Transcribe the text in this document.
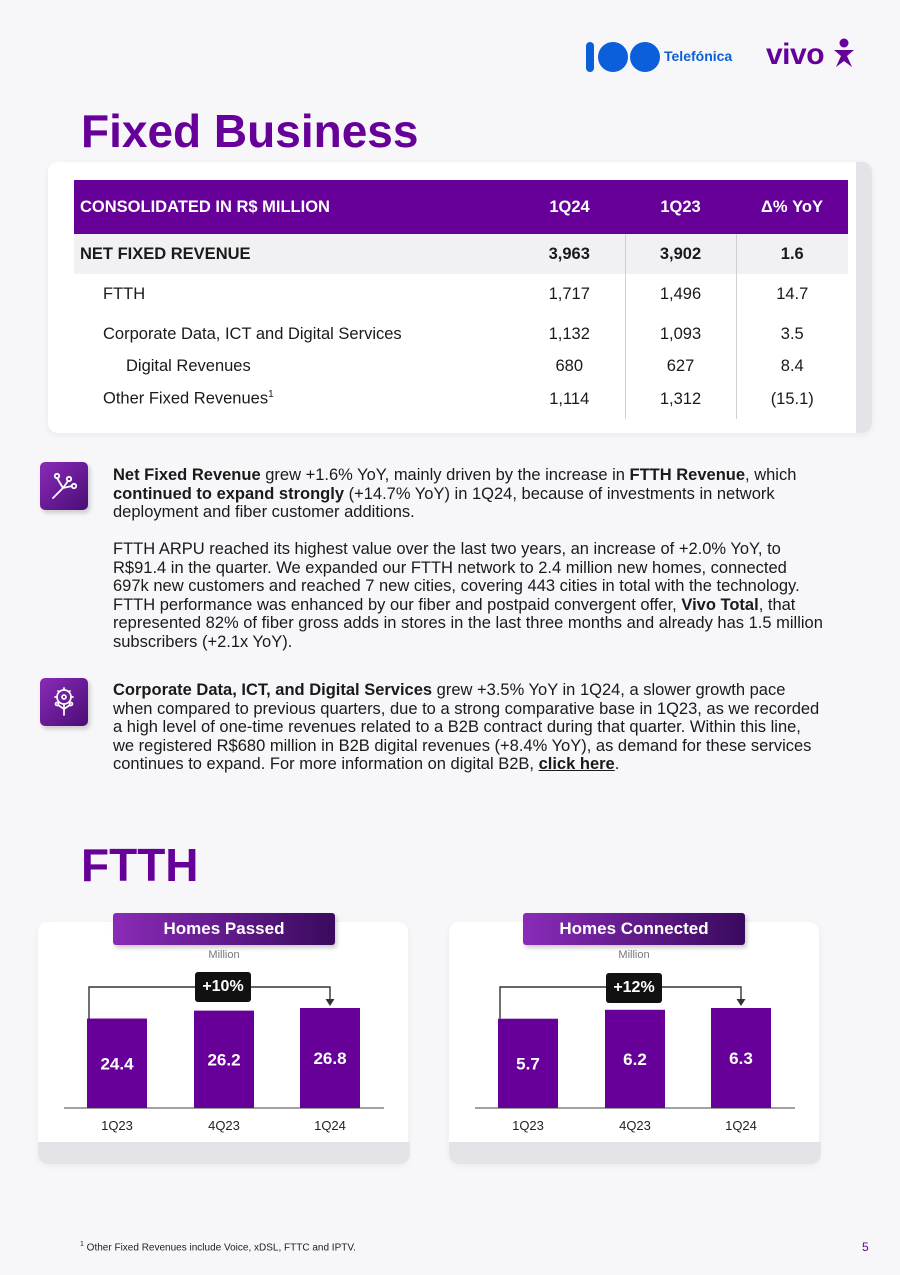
Telefónica vivo
Fixed Business
CONSOLIDATED IN R$ MILLION	1Q24	1Q23	Δ% YoY
NET FIXED REVENUE	3,963	3,902	1.6
FTTH	1,717	1,496	14.7
Corporate Data, ICT and Digital Services	1,132	1,093	3.5
Digital Revenues	680	627	8.4
Other Fixed Revenues$^1$	1,114	1,312	(15.1)
Net Fixed Revenue grew +1.6% YoY, mainly driven by the increase in FTTH Revenue, which continued to expand strongly (+14.7% YoY) in 1Q24, because of investments in network deployment and fiber customer additions.
FTTH ARPU reached its highest value over the last two years, an increase of +2.0% YoY, to R$91.4 in the quarter. We expanded our FTTH network to 2.4 million new homes, connected 697k new customers and reached 7 new cities, covering 443 cities in total with the technology. FTTH performance was enhanced by our fiber and postpaid convergent offer, Vivo Total, that represented 82% of fiber gross adds in stores in the last three months and already has 1.5 million subscribers (+2.1x YoY).
Corporate Data, ICT, and Digital Services grew +3.5% YoY in 1Q24, a slower growth pace when compared to previous quarters, due to a strong comparative base in 1Q23, as we recorded a high level of one-time revenues related to a B2B contract during that quarter. Within this line, we registered R$680 million in B2B digital revenues (+8.4% YoY), as demand for these services continues to expand. For more information on digital B2B, click here.
FTTH
Homes Passed
Million
24.4
1Q23
26.2
4Q23
26.8
1Q24
+10%
Homes Connected
Million
5.7
1Q23
6.2
4Q23
6.3
1Q24
+12%
$^1$ Other Fixed Revenues include Voice, xDSL, FTTC and IPTV.	5
